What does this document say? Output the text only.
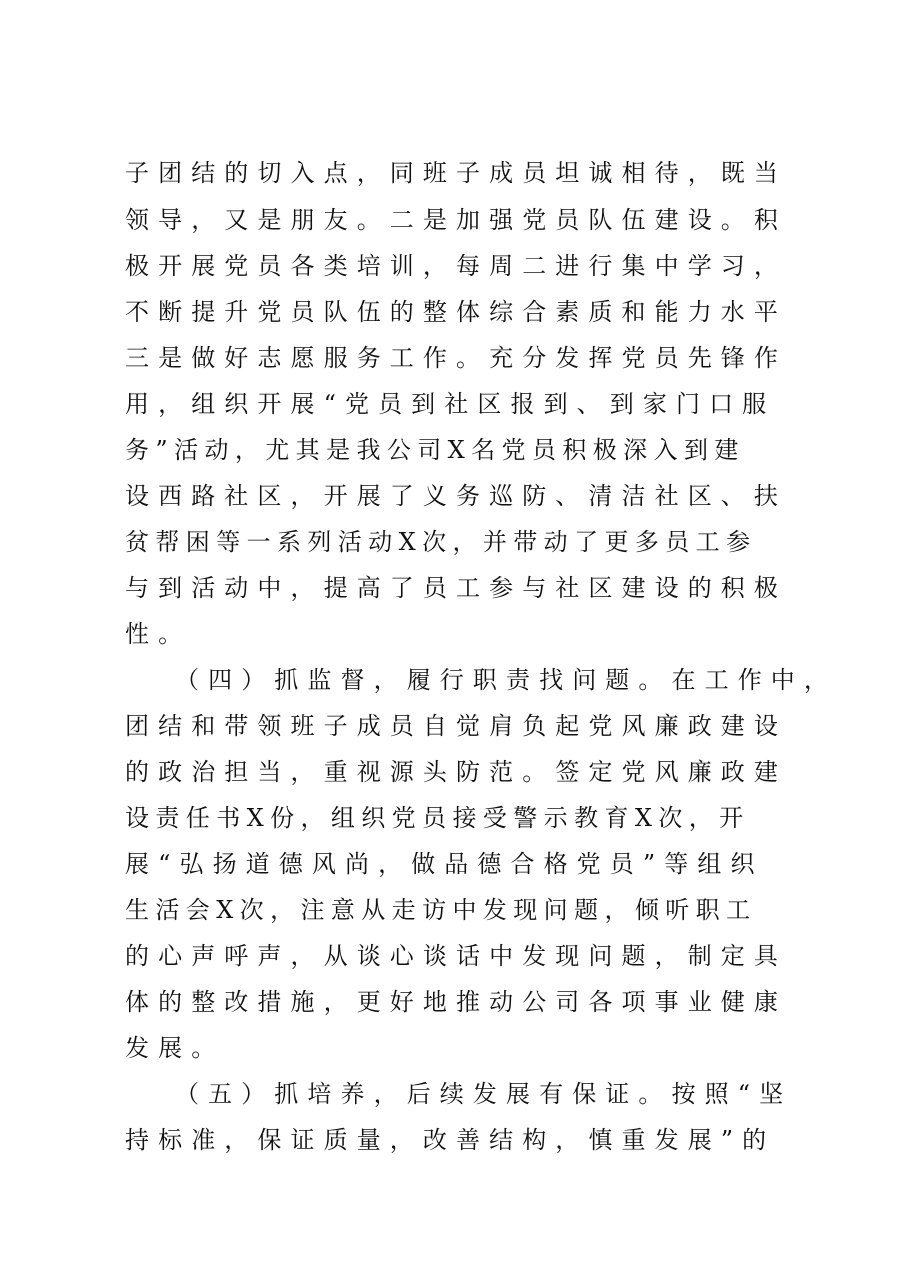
子团结的切入点，同班子成员坦诚相待，既当

领导，又是朋友。二是加强党员队伍建设。积

极开展党员各类培训，每周二进行集中学习，

不断提升党员队伍的整体综合素质和能力水平

三是做好志愿服务工作。充分发挥党员先锋作

用，组织开展“党员到社区报到、到家门口服

务”活动，尤其是我公司X名党员积极深入到建

设西路社区，开展了义务巡防、清洁社区、扶

贫帮困等一系列活动X次，并带动了更多员工参

与到活动中，提高了员工参与社区建设的积极

性。

（四）抓监督，履行职责找问题。在工作中，

团结和带领班子成员自觉肩负起党风廉政建设

的政治担当，重视源头防范。签定党风廉政建

设责任书X份，组织党员接受警示教育X次，开

展“弘扬道德风尚，做品德合格党员”等组织

生活会X次，注意从走访中发现问题，倾听职工

的心声呼声，从谈心谈话中发现问题，制定具

体的整改措施，更好地推动公司各项事业健康

发展。

（五）抓培养，后续发展有保证。按照“坚

持标准，保证质量，改善结构，慎重发展”的
